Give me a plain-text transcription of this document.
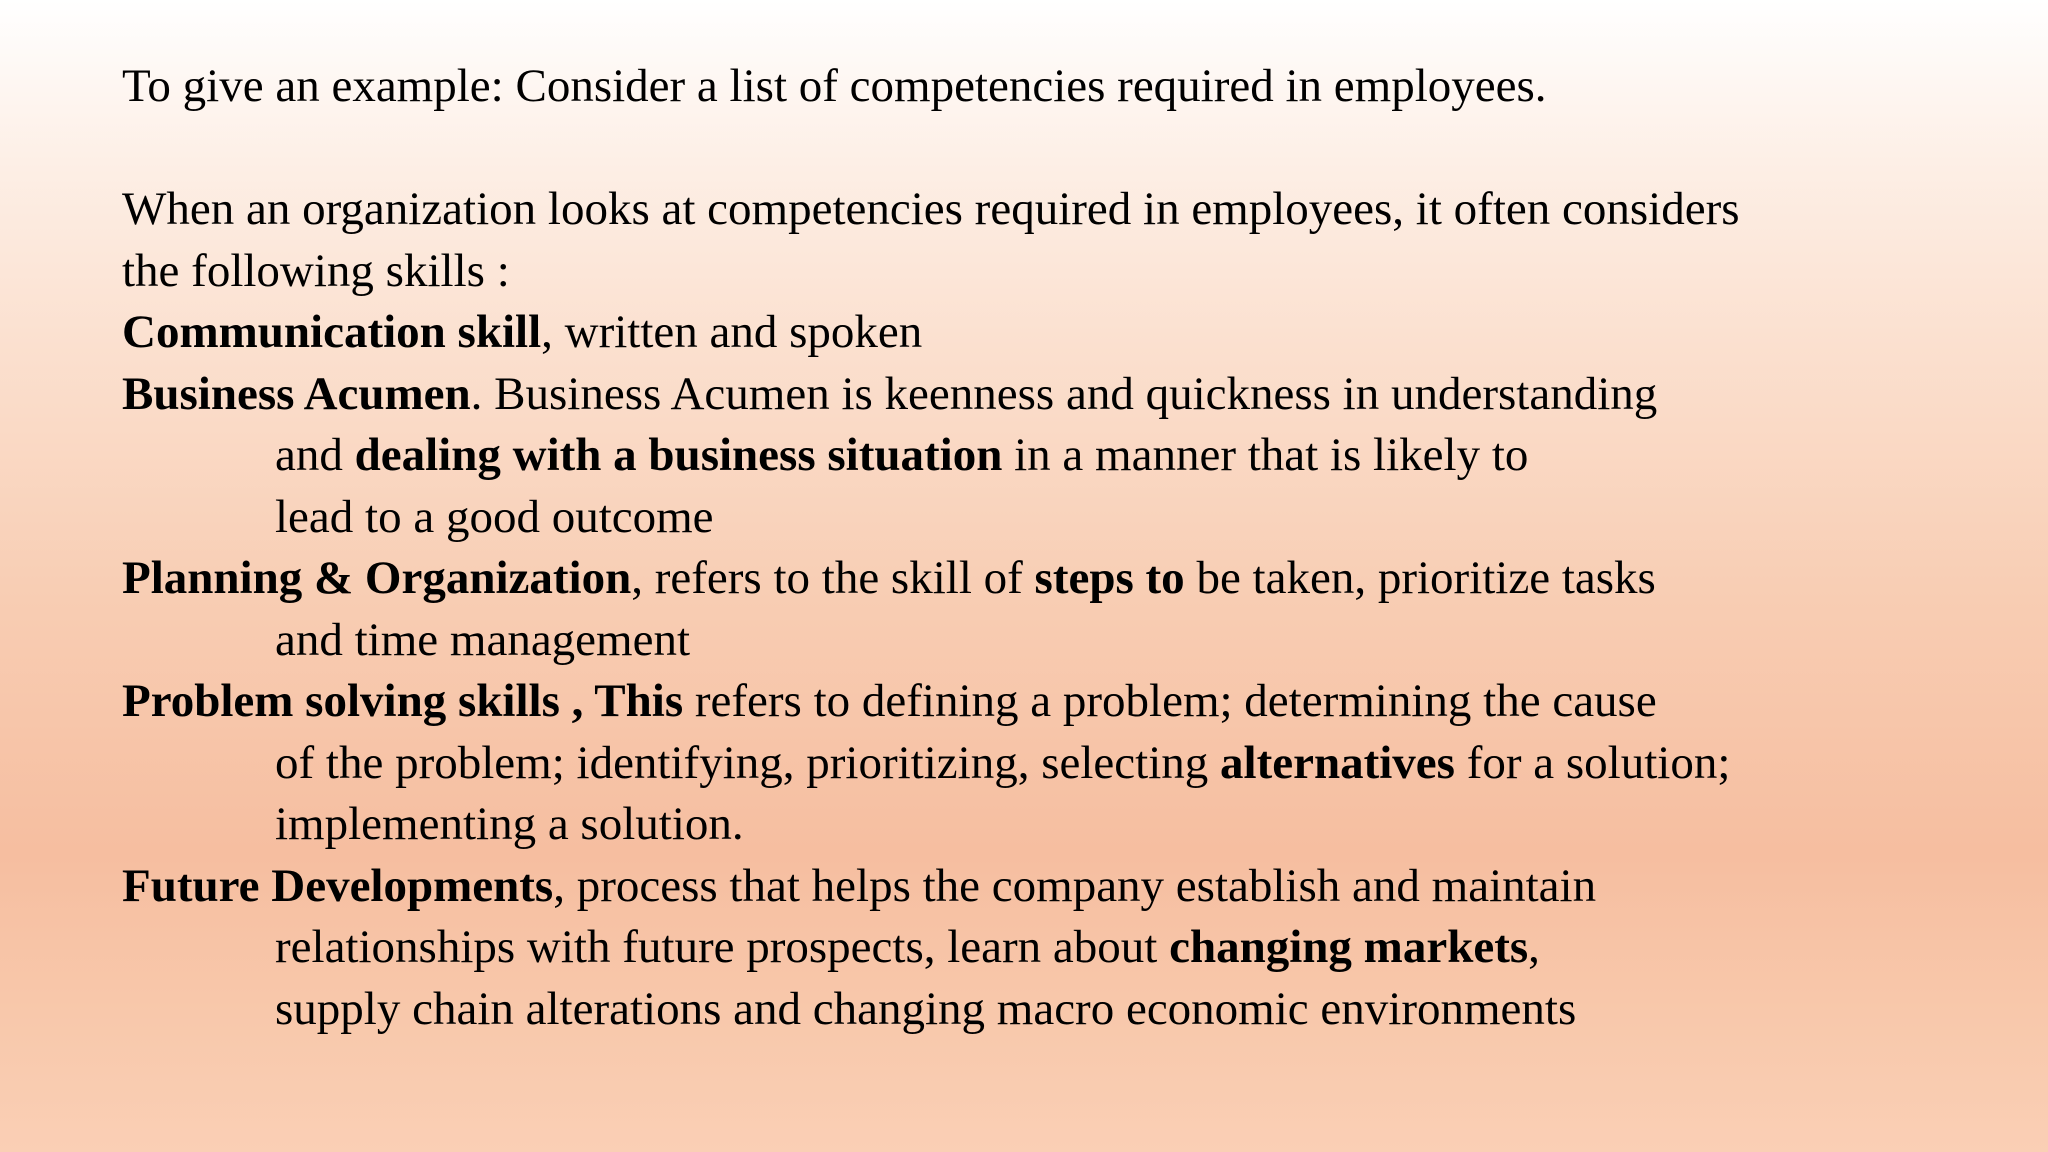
To give an example: Consider a list of competencies required in employees.
When an organization looks at competencies required in employees, it often considers
the following skills :
Communication skill, written and spoken
Business Acumen. Business Acumen is keenness and quickness in understanding
and dealing with a business situation in a manner that is likely to
lead to a good outcome
Planning & Organization, refers to the skill of steps to be taken, prioritize tasks
and time management
Problem solving skills , This refers to defining a problem; determining the cause
of the problem; identifying, prioritizing, selecting alternatives for a solution;
implementing a solution.
Future Developments, process that helps the company establish and maintain
relationships with future prospects, learn about changing markets,
supply chain alterations and changing macro economic environments
